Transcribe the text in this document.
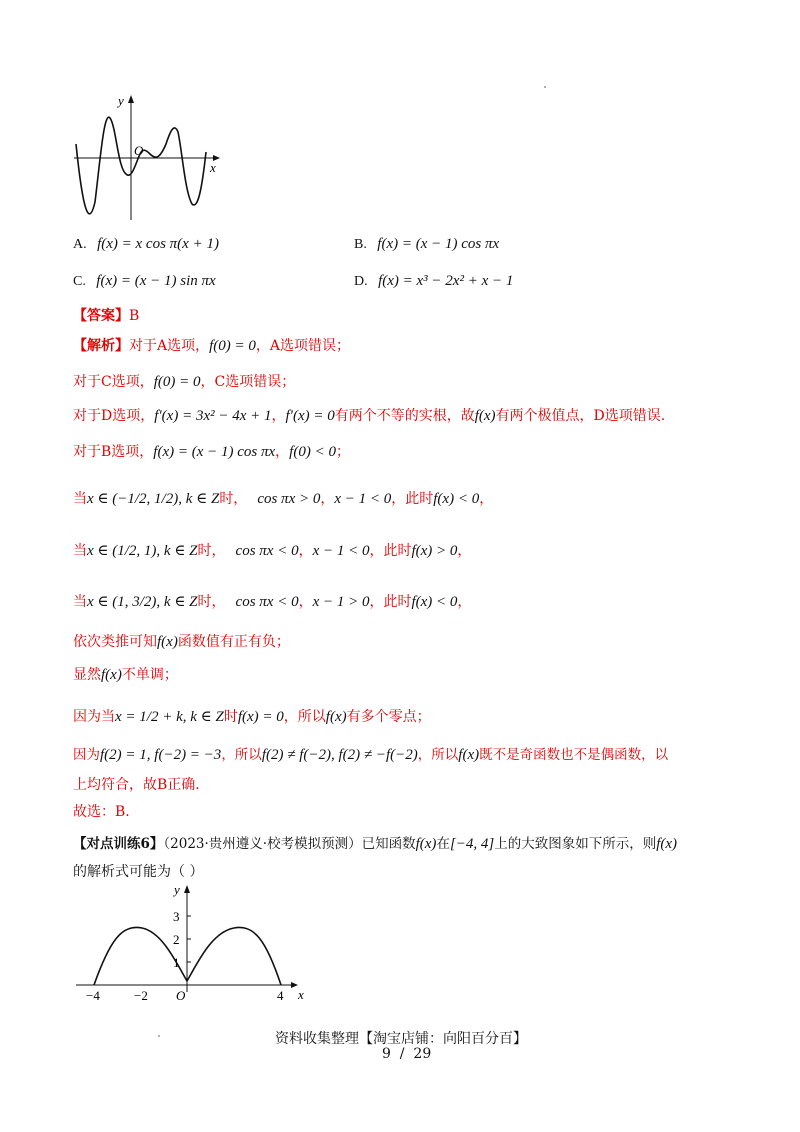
y
x
O
A. f(x) = x cos π(x + 1)	B. f(x) = (x − 1) cos πx
C. f(x) = (x − 1) sin πx	D. f(x) = x³ − 2x² + x − 1
【答案】B
【解析】对于A选项，f(0) = 0，A选项错误；
对于C选项，f(0) = 0，C选项错误；
对于D选项，f′(x) = 3x² − 4x + 1，f′(x) = 0有两个不等的实根，故f(x)有两个极值点，D选项错误.
对于B选项，f(x) = (x − 1) cos πx，f(0) < 0；
当x ∈ (−1/2, 1/2), k ∈ Z时， cos πx > 0，x − 1 < 0，此时f(x) < 0，
当x ∈ (1/2, 1), k ∈ Z时， cos πx < 0，x − 1 < 0，此时f(x) > 0，
当x ∈ (1, 3/2), k ∈ Z时， cos πx < 0，x − 1 > 0，此时f(x) < 0，
依次类推可知f(x)函数值有正有负；
显然f(x)不单调；
因为当x = 1/2 + k, k ∈ Z时f(x) = 0，所以f(x)有多个零点；
因为f(2) = 1, f(−2) = −3，所以f(2) ≠ f(−2), f(2) ≠ −f(−2)，所以f(x)既不是奇函数也不是偶函数，以
上均符合，故B正确.
故选：B.
【对点训练6】（2023·贵州遵义·校考模拟预测）已知函数f(x)在[−4, 4]上的大致图象如下所示，则f(x)
的解析式可能为（ ）
1
2
3
−4	−2 O	4 x
y
资料收集整理【淘宝店铺：向阳百分百】
9  /  29
